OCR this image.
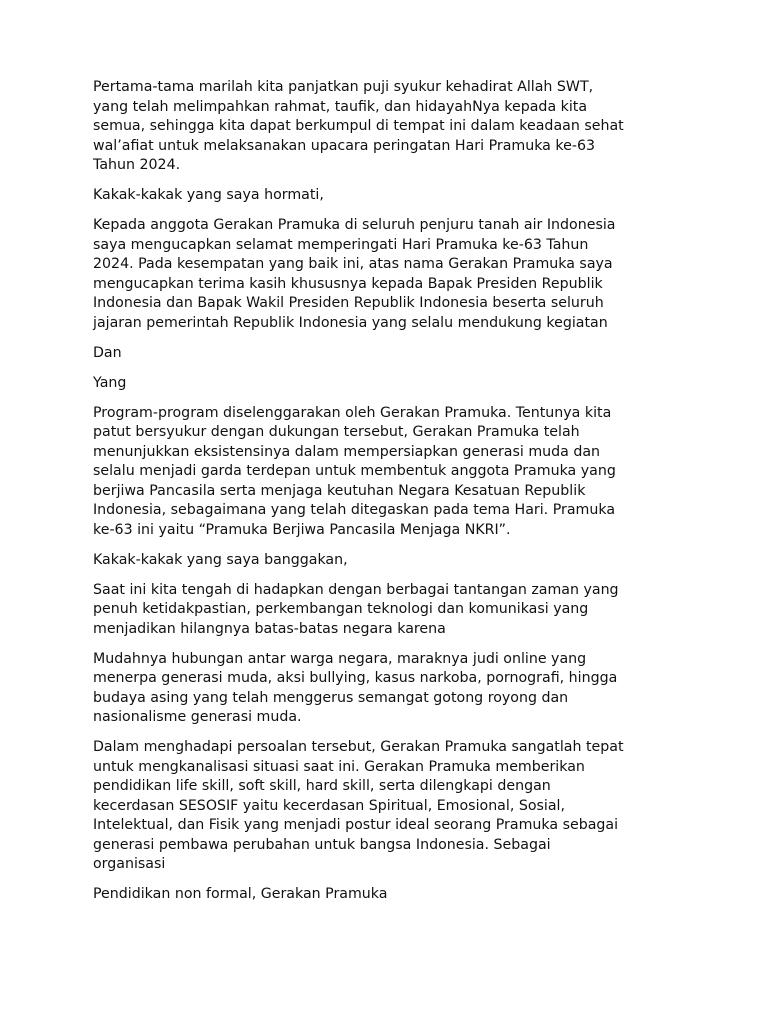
Pertama-tama marilah kita panjatkan puji syukur kehadirat Allah SWT,
yang telah melimpahkan rahmat, taufik, dan hidayahNya kepada kita
semua, sehingga kita dapat berkumpul di tempat ini dalam keadaan sehat
wal’afiat untuk melaksanakan upacara peringatan Hari Pramuka ke-63
Tahun 2024.

Kakak-kakak yang saya hormati,

Kepada anggota Gerakan Pramuka di seluruh penjuru tanah air Indonesia
saya mengucapkan selamat memperingati Hari Pramuka ke-63 Tahun
2024. Pada kesempatan yang baik ini, atas nama Gerakan Pramuka saya
mengucapkan terima kasih khususnya kepada Bapak Presiden Republik
Indonesia dan Bapak Wakil Presiden Republik Indonesia beserta seluruh
jajaran pemerintah Republik Indonesia yang selalu mendukung kegiatan

Dan

Yang

Program-program diselenggarakan oleh Gerakan Pramuka. Tentunya kita
patut bersyukur dengan dukungan tersebut, Gerakan Pramuka telah
menunjukkan eksistensinya dalam mempersiapkan generasi muda dan
selalu menjadi garda terdepan untuk membentuk anggota Pramuka yang
berjiwa Pancasila serta menjaga keutuhan Negara Kesatuan Republik
Indonesia, sebagaimana yang telah ditegaskan pada tema Hari. Pramuka
ke-63 ini yaitu “Pramuka Berjiwa Pancasila Menjaga NKRI”.

Kakak-kakak yang saya banggakan,

Saat ini kita tengah di hadapkan dengan berbagai tantangan zaman yang
penuh ketidakpastian, perkembangan teknologi dan komunikasi yang
menjadikan hilangnya batas-batas negara karena

Mudahnya hubungan antar warga negara, maraknya judi online yang
menerpa generasi muda, aksi bullying, kasus narkoba, pornografi, hingga
budaya asing yang telah menggerus semangat gotong royong dan
nasionalisme generasi muda.

Dalam menghadapi persoalan tersebut, Gerakan Pramuka sangatlah tepat
untuk mengkanalisasi situasi saat ini. Gerakan Pramuka memberikan
pendidikan life skill, soft skill, hard skill, serta dilengkapi dengan
kecerdasan SESOSIF yaitu kecerdasan Spiritual, Emosional, Sosial,
Intelektual, dan Fisik yang menjadi postur ideal seorang Pramuka sebagai
generasi pembawa perubahan untuk bangsa Indonesia. Sebagai
organisasi

Pendidikan non formal, Gerakan Pramuka
